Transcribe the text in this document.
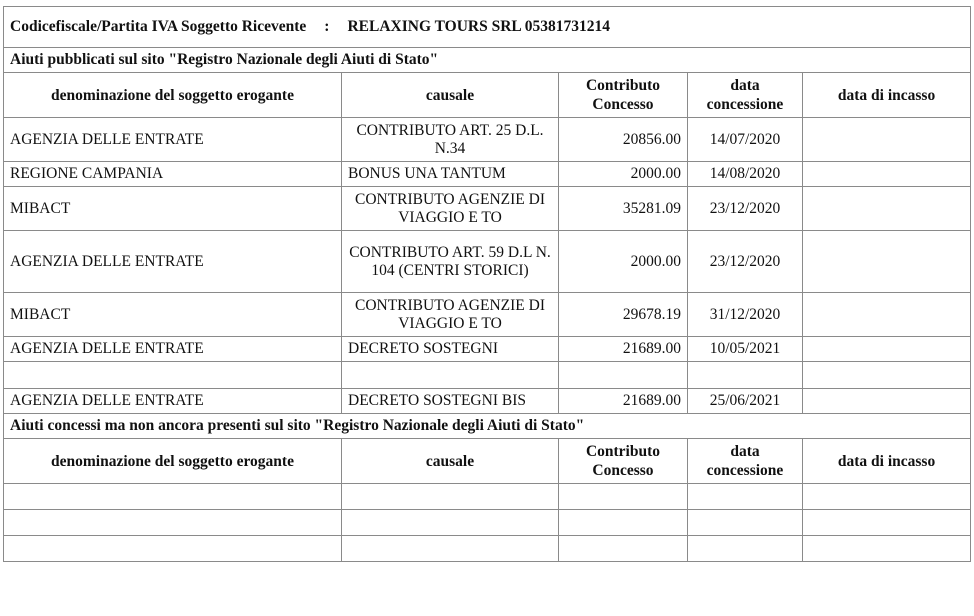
Codicefiscale/Partita IVA Soggetto Ricevente : RELAXING TOURS SRL 05381731214				
Aiuti pubblicati sul sito "Registro Nazionale degli Aiuti di Stato"				
denominazione del soggetto erogante	causale	Contributo Concesso	data concessione	data di incasso
AGENZIA DELLE ENTRATE	CONTRIBUTO ART. 25 D.L. N.34	20856.00	14/07/2020	
REGIONE CAMPANIA	BONUS UNA TANTUM	2000.00	14/08/2020	
MIBACT	CONTRIBUTO AGENZIE DI VIAGGIO E TO	35281.09	23/12/2020	
AGENZIA DELLE ENTRATE	CONTRIBUTO ART. 59 D.L N. 104 (CENTRI STORICI)	2000.00	23/12/2020	
MIBACT	CONTRIBUTO AGENZIE DI VIAGGIO E TO	29678.19	31/12/2020	
AGENZIA DELLE ENTRATE	DECRETO SOSTEGNI	21689.00	10/05/2021	

AGENZIA DELLE ENTRATE	DECRETO SOSTEGNI BIS	21689.00	25/06/2021	
Aiuti concessi ma non ancora presenti sul sito "Registro Nazionale degli Aiuti di Stato"				
denominazione del soggetto erogante	causale	Contributo Concesso	data concessione	data di incasso
